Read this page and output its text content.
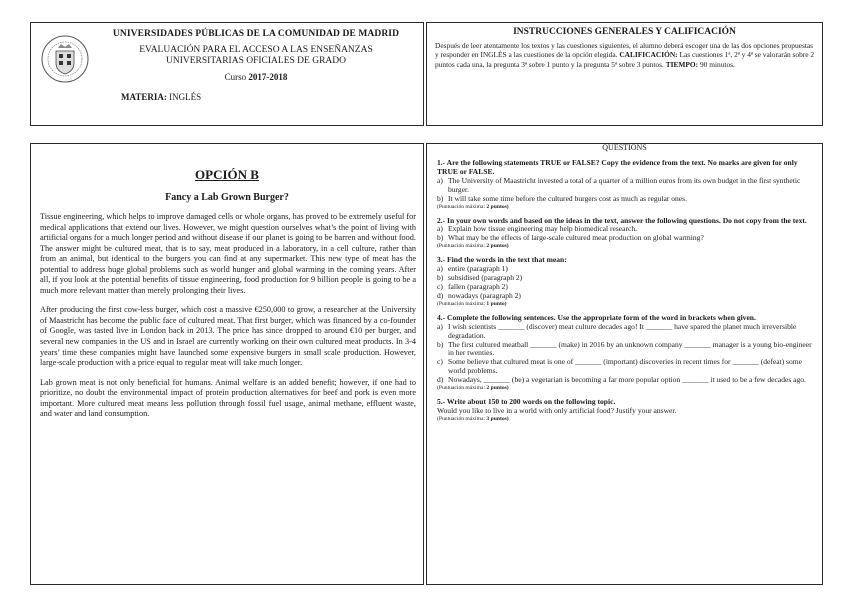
UNIVERSIDADES PÚBLICAS DE LA COMUNIDAD DE MADRID
EVALUACIÓN PARA EL ACCESO A LAS ENSEÑANZAS
UNIVERSITARIAS OFICIALES DE GRADO
Curso 2017-2018
MATERIA: INGLÉS
INSTRUCCIONES GENERALES Y CALIFICACIÓN
Después de leer atentamente los textos y las cuestiones siguientes, el alumno deberá escoger una de las dos opciones propuestas y responder en INGLÉS a las cuestiones de la opción elegida. CALIFICACIÓN: Las cuestiones 1ª, 2ª y 4ª se valorarán sobre 2 puntos cada una, la pregunta 3ª sobre 1 punto y la pregunta 5ª sobre 3 puntos. TIEMPO: 90 minutos.
OPCIÓN B
Fancy a Lab Grown Burger?

Tissue engineering, which helps to improve damaged cells or whole organs, has proved to be extremely useful for medical applications that extend our lives. However, we might question ourselves what’s the point of living with artificial organs for a much longer period and without disease if our planet is going to be barren and without food. The answer might be cultured meat, that is to say, meat produced in a laboratory, in a cell culture, rather than from an animal, but identical to the burgers you can find at any supermarket. This new type of meat has the potential to address huge global problems such as world hunger and global warming in the coming years. After all, if you look at the potential benefits of tissue engineering, food production for 9 billion people is going to be a much more relevant matter than merely prolonging their lives.

After producing the first cow-less burger, which cost a massive €250,000 to grow, a researcher at the University of Maastricht has become the public face of cultured meat. That first burger, which was financed by a co-founder of Google, was tasted live in London back in 2013. The price has since dropped to around €10 per burger, and several new companies in the US and in Israel are currently working on their own cultured meat products. In 3-4 years’ time these companies might have launched some expensive burgers in small scale production. However, large-scale production with a price equal to regular meat will take much longer.

Lab grown meat is not only beneficial for humans. Animal welfare is an added benefit; however, if one had to prioritize, no doubt the environmental impact of protein production alternatives for beef and pork is even more important. More cultured meat means less pollution through fossil fuel usage, animal methane, effluent waste, and water and land consumption.

QUESTIONS
1.- Are the following statements TRUE or FALSE? Copy the evidence from the text. No marks are given for only TRUE or FALSE.
a) The University of Maastricht invested a total of a quarter of a million euros from its own budget in the first synthetic burger.
b) It will take some time before the cultured burgers cost as much as regular ones.
(Puntuación máxima: 2 puntos)
2.- In your own words and based on the ideas in the text, answer the following questions. Do not copy from the text.
a) Explain how tissue engineering may help biomedical research.
b) What may be the effects of large-scale cultured meat production on global warming?
(Puntuación máxima: 2 puntos)
3.- Find the words in the text that mean:
a) entire (paragraph 1)
b) subsidised (paragraph 2)
c) fallen (paragraph 2)
d) nowadays (paragraph 2)
(Puntuación máxima: 1 punto)
4.- Complete the following sentences. Use the appropriate form of the word in brackets when given.
a) I wish scientists _______ (discover) meat culture decades ago! It _______ have spared the planet much irreversible degradation.
b) The first cultured meatball _______ (make) in 2016 by an unknown company _______ manager is a young bio-engineer in her twenties.
c) Some believe that cultured meat is one of _______ (important) discoveries in recent times for _______ (defeat) some world problems.
d) Nowadays, _______ (be) a vegetarian is becoming a far more popular option _______ it used to be a few decades ago.
(Puntuación máxima: 2 puntos)
5.- Write about 150 to 200 words on the following topic.
Would you like to live in a world with only artificial food? Justify your answer.
(Puntuación máxima: 3 puntos)
